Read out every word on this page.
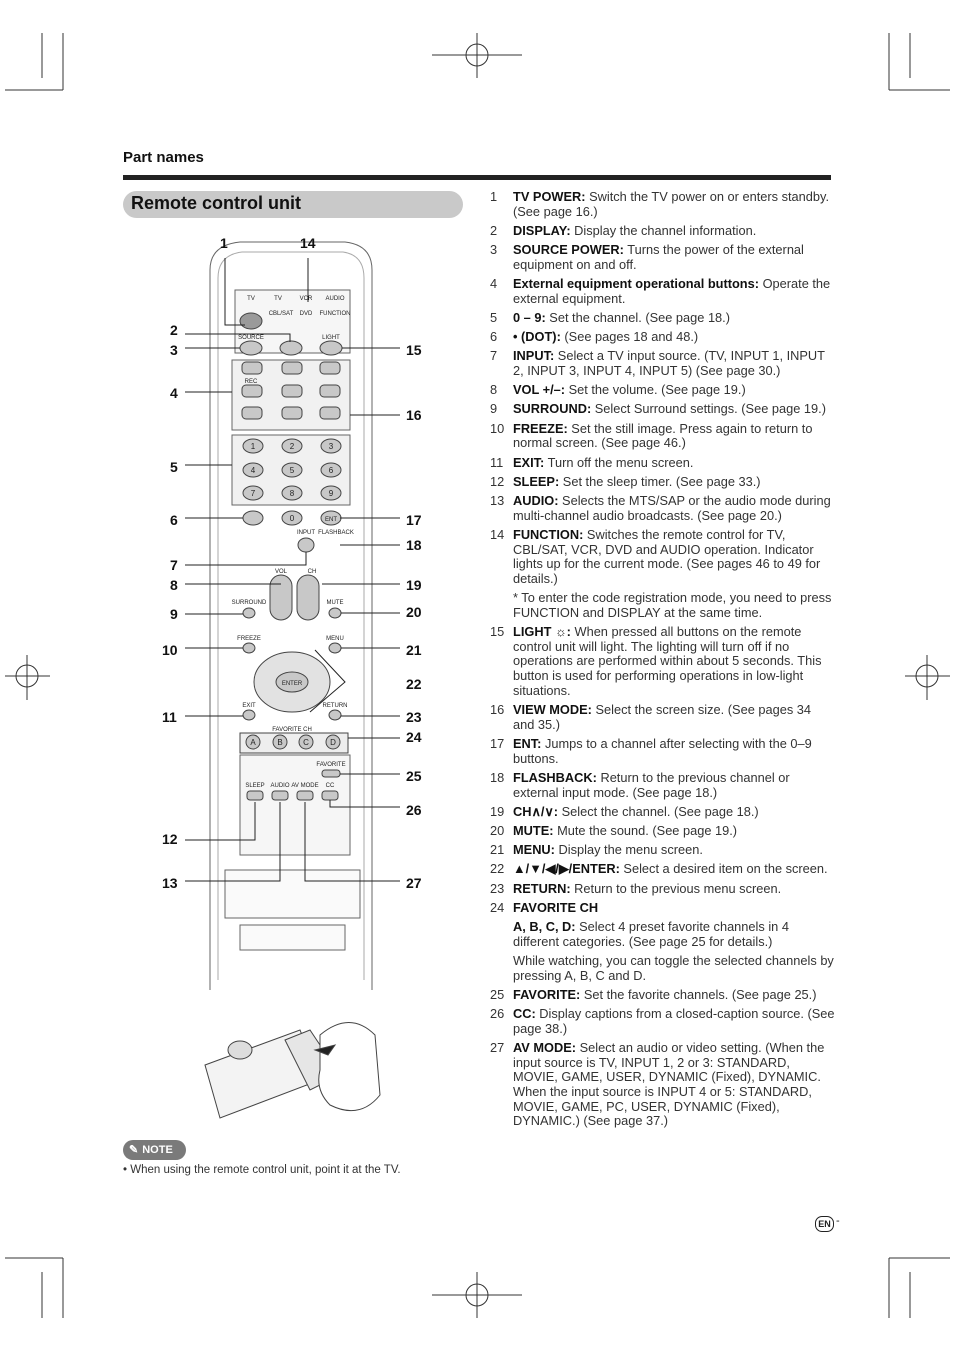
Part names
Remote control unit
TV	TV	VCR AUDIO
CBL/SAT DVD FUNCTION
SOURCE	LIGHT
REC
INPUT FLASHBACK
VOL	CH
SURROUND	MUTE
FREEZE	MENU
ENTER
EXIT	RETURN
FAVORITE CH
FAVORITE
SLEEP AUDIO AV MODE CC
1	2	3
4	5	6
7	8	9
0	ENT
A	B	C	D
1
2
3
4
5
6
7
8
9
10
11
12
13
14
15
16
17
18
19
20
21
22
23
24
25
26
27
1	TV POWER: Switch the TV power on or enters standby. (See page 16.)
2	DISPLAY: Display the channel information.
3	SOURCE POWER: Turns the power of the external equipment on and off.
4	External equipment operational buttons: Operate the external equipment.
5	0 – 9: Set the channel. (See page 18.)
6	• (DOT): (See pages 18 and 48.)
7	INPUT: Select a TV input source. (TV, INPUT 1, INPUT 2, INPUT 3, INPUT 4, INPUT 5) (See page 30.)
8	VOL +/–: Set the volume. (See page 19.)
9	SURROUND: Select Surround settings. (See page 19.)
10 FREEZE: Set the still image. Press again to return to normal screen. (See page 46.)
11 EXIT: Turn off the menu screen.
12 SLEEP: Set the sleep timer. (See page 33.)
13 AUDIO: Selects the MTS/SAP or the audio mode during multi-channel audio broadcasts. (See page 20.)
14 FUNCTION: Switches the remote control for TV, CBL/SAT, VCR, DVD and AUDIO operation. Indicator lights up for the current mode. (See pages 46 to 49 for details.)
* To enter the code registration mode, you need to press FUNCTION and DISPLAY at the same time.
15 LIGHT ☼: When pressed all buttons on the remote control unit will light. The lighting will turn off if no operations are performed within about 5 seconds. This button is used for performing operations in low-light situations.
16 VIEW MODE: Select the screen size. (See pages 34 and 35.)
17 ENT: Jumps to a channel after selecting with the 0–9 buttons.
18 FLASHBACK: Return to the previous channel or external input mode. (See page 18.)
19 CH∧/∨: Select the channel. (See page 18.)
20 MUTE: Mute the sound. (See page 19.)
21 MENU: Display the menu screen.
22 ▲/▼/◀/▶/ENTER: Select a desired item on the screen.
23 RETURN: Return to the previous menu screen.
24 FAVORITE CH
A, B, C, D: Select 4 preset favorite channels in 4 different categories. (See page 25 for details.)
While watching, you can toggle the selected channels by pressing A, B, C and D.
25 FAVORITE: Set the favorite channels. (See page 25.)
26 CC: Display captions from a closed-caption source. (See page 38.)
27 AV MODE: Select an audio or video setting. (When the input source is TV, INPUT 1, 2 or 3: STANDARD, MOVIE, GAME, USER, DYNAMIC (Fixed), DYNAMIC. When the input source is INPUT 4 or 5: STANDARD, MOVIE, GAME, PC, USER, DYNAMIC (Fixed), DYNAMIC.) (See page 37.)
✎ NOTE
• When using the remote control unit, point it at the TV.
EN -
